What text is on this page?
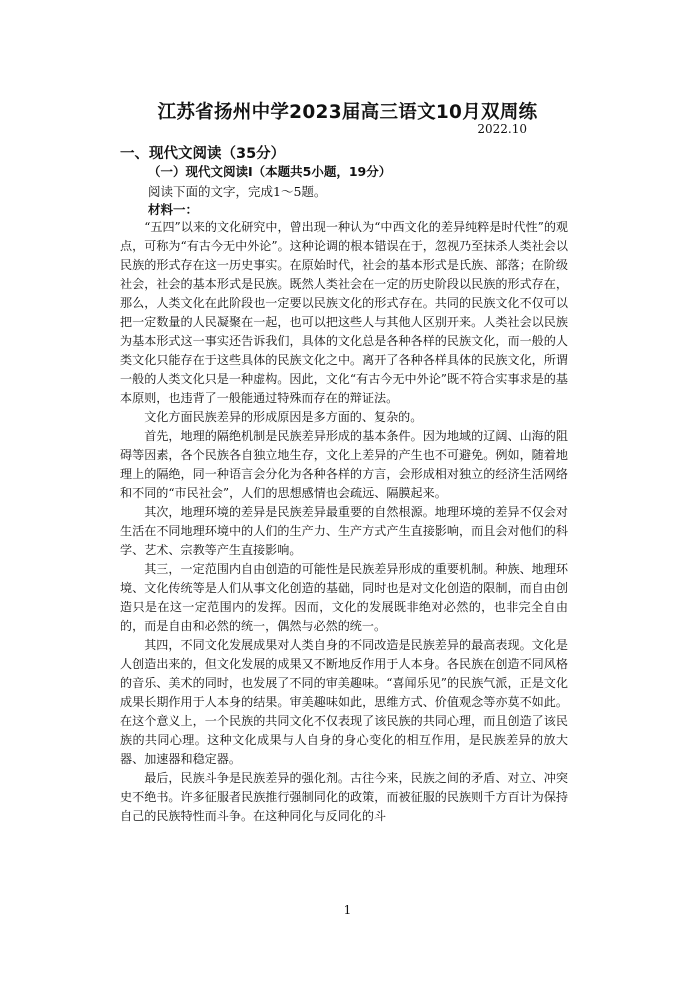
江苏省扬州中学2023届高三语文10月双周练
2022.10
一、现代文阅读（35分）
（一）现代文阅读Ⅰ（本题共5小题，19分）
阅读下面的文字，完成1～5题。
材料一：

“五四”以来的文化研究中，曾出现一种认为“中西文化的差异纯粹是时代性”的观点，可称为“有古今无中外论”。这种论调的根本错误在于，忽视乃至抹杀人类社会以民族的形式存在这一历史事实。在原始时代，社会的基本形式是氏族、部落；在阶级社会，社会的基本形式是民族。既然人类社会在一定的历史阶段以民族的形式存在，那么，人类文化在此阶段也一定要以民族文化的形式存在。共同的民族文化不仅可以把一定数量的人民凝聚在一起，也可以把这些人与其他人区别开来。人类社会以民族为基本形式这一事实还告诉我们，具体的文化总是各种各样的民族文化，而一般的人类文化只能存在于这些具体的民族文化之中。离开了各种各样具体的民族文化，所谓一般的人类文化只是一种虚构。因此，文化“有古今无中外论”既不符合实事求是的基本原则，也违背了一般能通过特殊而存在的辩证法。

文化方面民族差异的形成原因是多方面的、复杂的。

首先，地理的隔绝机制是民族差异形成的基本条件。因为地域的辽阔、山海的阻碍等因素，各个民族各自独立地生存，文化上差异的产生也不可避免。例如，随着地理上的隔绝，同一种语言会分化为各种各样的方言，会形成相对独立的经济生活网络和不同的“市民社会”，人们的思想感情也会疏远、隔膜起来。

其次，地理环境的差异是民族差异最重要的自然根源。地理环境的差异不仅会对生活在不同地理环境中的人们的生产力、生产方式产生直接影响，而且会对他们的科学、艺术、宗教等产生直接影响。

其三，一定范围内自由创造的可能性是民族差异形成的重要机制。种族、地理环境、文化传统等是人们从事文化创造的基础，同时也是对文化创造的限制，而自由创造只是在这一定范围内的发挥。因而，文化的发展既非绝对必然的，也非完全自由的，而是自由和必然的统一，偶然与必然的统一。

其四，不同文化发展成果对人类自身的不同改造是民族差异的最高表现。文化是人创造出来的，但文化发展的成果又不断地反作用于人本身。各民族在创造不同风格的音乐、美术的同时，也发展了不同的审美趣味。“喜闻乐见”的民族气派，正是文化成果长期作用于人本身的结果。审美趣味如此，思维方式、价值观念等亦莫不如此。在这个意义上，一个民族的共同文化不仅表现了该民族的共同心理，而且创造了该民族的共同心理。这种文化成果与人自身的身心变化的相互作用，是民族差异的放大器、加速器和稳定器。

最后，民族斗争是民族差异的强化剂。古往今来，民族之间的矛盾、对立、冲突史不绝书。许多征服者民族推行强制同化的政策，而被征服的民族则千方百计为保持自己的民族特性而斗争。在这种同化与反同化的斗

1
